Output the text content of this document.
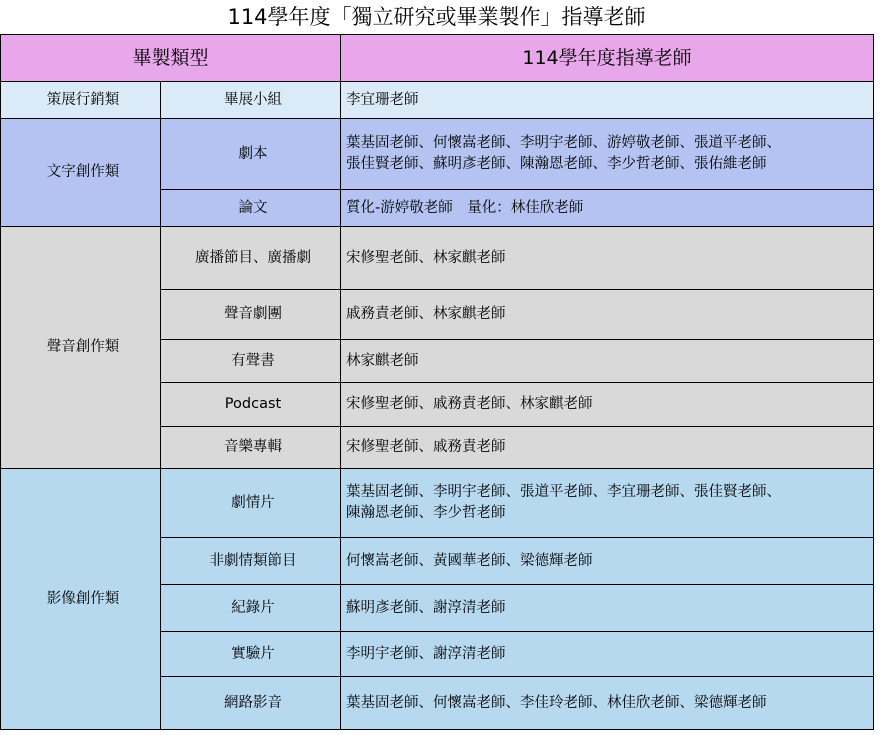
114學年度「獨立研究或畢業製作」指導老師
畢製類型		114學年度指導老師
策展行銷類	畢展小組	李宜珊老師
文字創作類	劇本	葉基固老師、何懷嵩老師、李明宇老師、游婷敬老師、張道平老師、
張佳賢老師、蘇明彥老師、陳瀚恩老師、李少哲老師、張佑維老師
	論文	質化-游婷敬老師　量化：林佳欣老師
聲音創作類	廣播節目、廣播劇	宋修聖老師、林家麒老師
	聲音劇團	戚務責老師、林家麒老師
	有聲書	林家麒老師
	Podcast	宋修聖老師、戚務責老師、林家麒老師
	音樂專輯	宋修聖老師、戚務責老師
影像創作類	劇情片	葉基固老師、李明宇老師、張道平老師、李宜珊老師、張佳賢老師、
陳瀚恩老師、李少哲老師
	非劇情類節目	何懷嵩老師、黃國華老師、梁德輝老師
	紀錄片	蘇明彥老師、謝淳清老師
	實驗片	李明宇老師、謝淳清老師
	網路影音	葉基固老師、何懷嵩老師、李佳玲老師、林佳欣老師、梁德輝老師
